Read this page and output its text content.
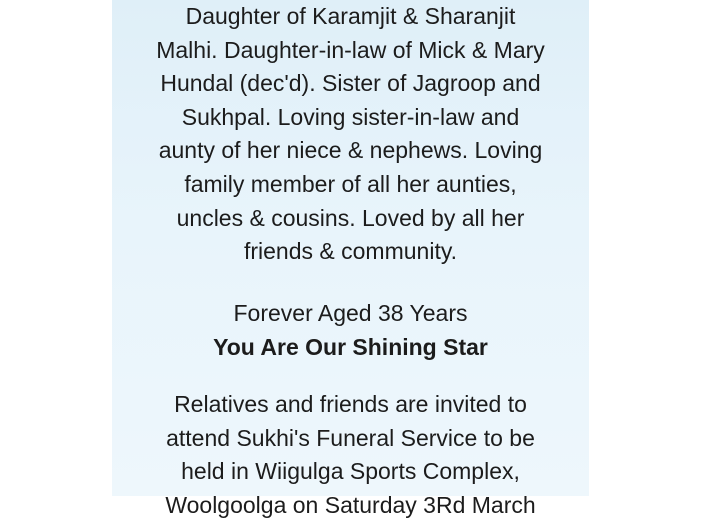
Daughter of Karamjit & Sharanjit
Malhi. Daughter-in-law of Mick & Mary
Hundal (dec'd). Sister of Jagroop and
Sukhpal. Loving sister-in-law and
aunty of her niece & nephews. Loving
family member of all her aunties,
uncles & cousins. Loved by all her
friends & community.
Forever Aged 38 Years
You Are Our Shining Star
Relatives and friends are invited to
attend Sukhi's Funeral Service to be
held in Wiigulga Sports Complex,
Woolgoolga on Saturday 3Rd March
